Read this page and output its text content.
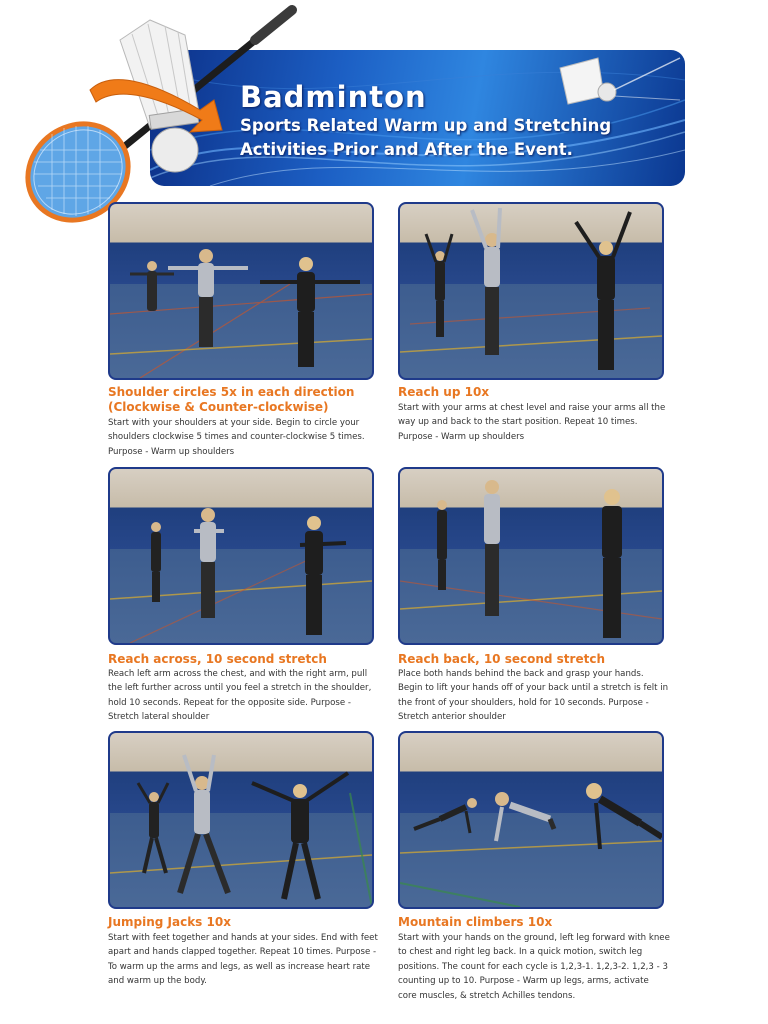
Badminton
Sports Related Warm up and Stretching Activities Prior and After the Event.
Shoulder circles 5x in each direction (Clockwise & Counter-clockwise)
Start with your shoulders at your side. Begin to circle your shoulders clockwise 5 times and counter-clockwise 5 times. Purpose - Warm up shoulders
Reach up 10x
Start with your arms at chest level and raise your arms all the way up and back to the start position. Repeat 10 times. Purpose - Warm up shoulders
Reach across, 10 second stretch
Reach left arm across the chest, and with the right arm, pull the left further across until you feel a stretch in the shoulder, hold 10 seconds. Repeat for the opposite side. Purpose - Stretch lateral shoulder
Reach back, 10 second stretch
Place both hands behind the back and grasp your hands. Begin to lift your hands off of your back until a stretch is felt in the front of your shoulders, hold for 10 seconds. Purpose - Stretch anterior shoulder
Jumping Jacks 10x
Start with feet together and hands at your sides. End with feet apart and hands clapped together. Repeat 10 times. Purpose - To warm up the arms and legs, as well as increase heart rate and warm up the body.
Mountain climbers 10x
Start with your hands on the ground, left leg forward with knee to chest and right leg back. In a quick motion, switch leg positions. The count for each cycle is 1,2,3-1. 1,2,3-2. 1,2,3 - 3 counting up to 10. Purpose - Warm up legs, arms, activate core muscles, & stretch Achilles tendons.
